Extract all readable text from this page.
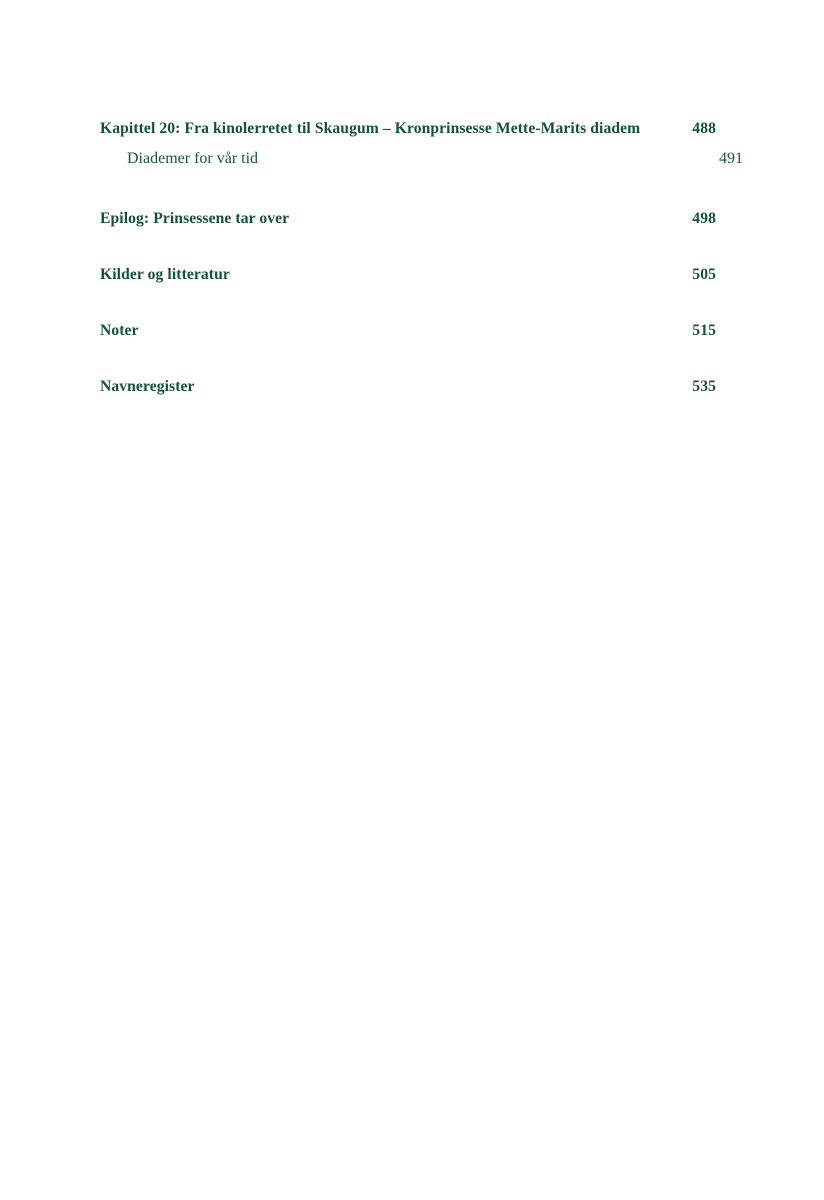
Kapittel 20: Fra kinolerretet til Skaugum – Kronprinsesse Mette-Marits diadem	488
Diademer for vår tid	491
Epilog: Prinsessene tar over	498
Kilder og litteratur	505
Noter	515
Navneregister	535
